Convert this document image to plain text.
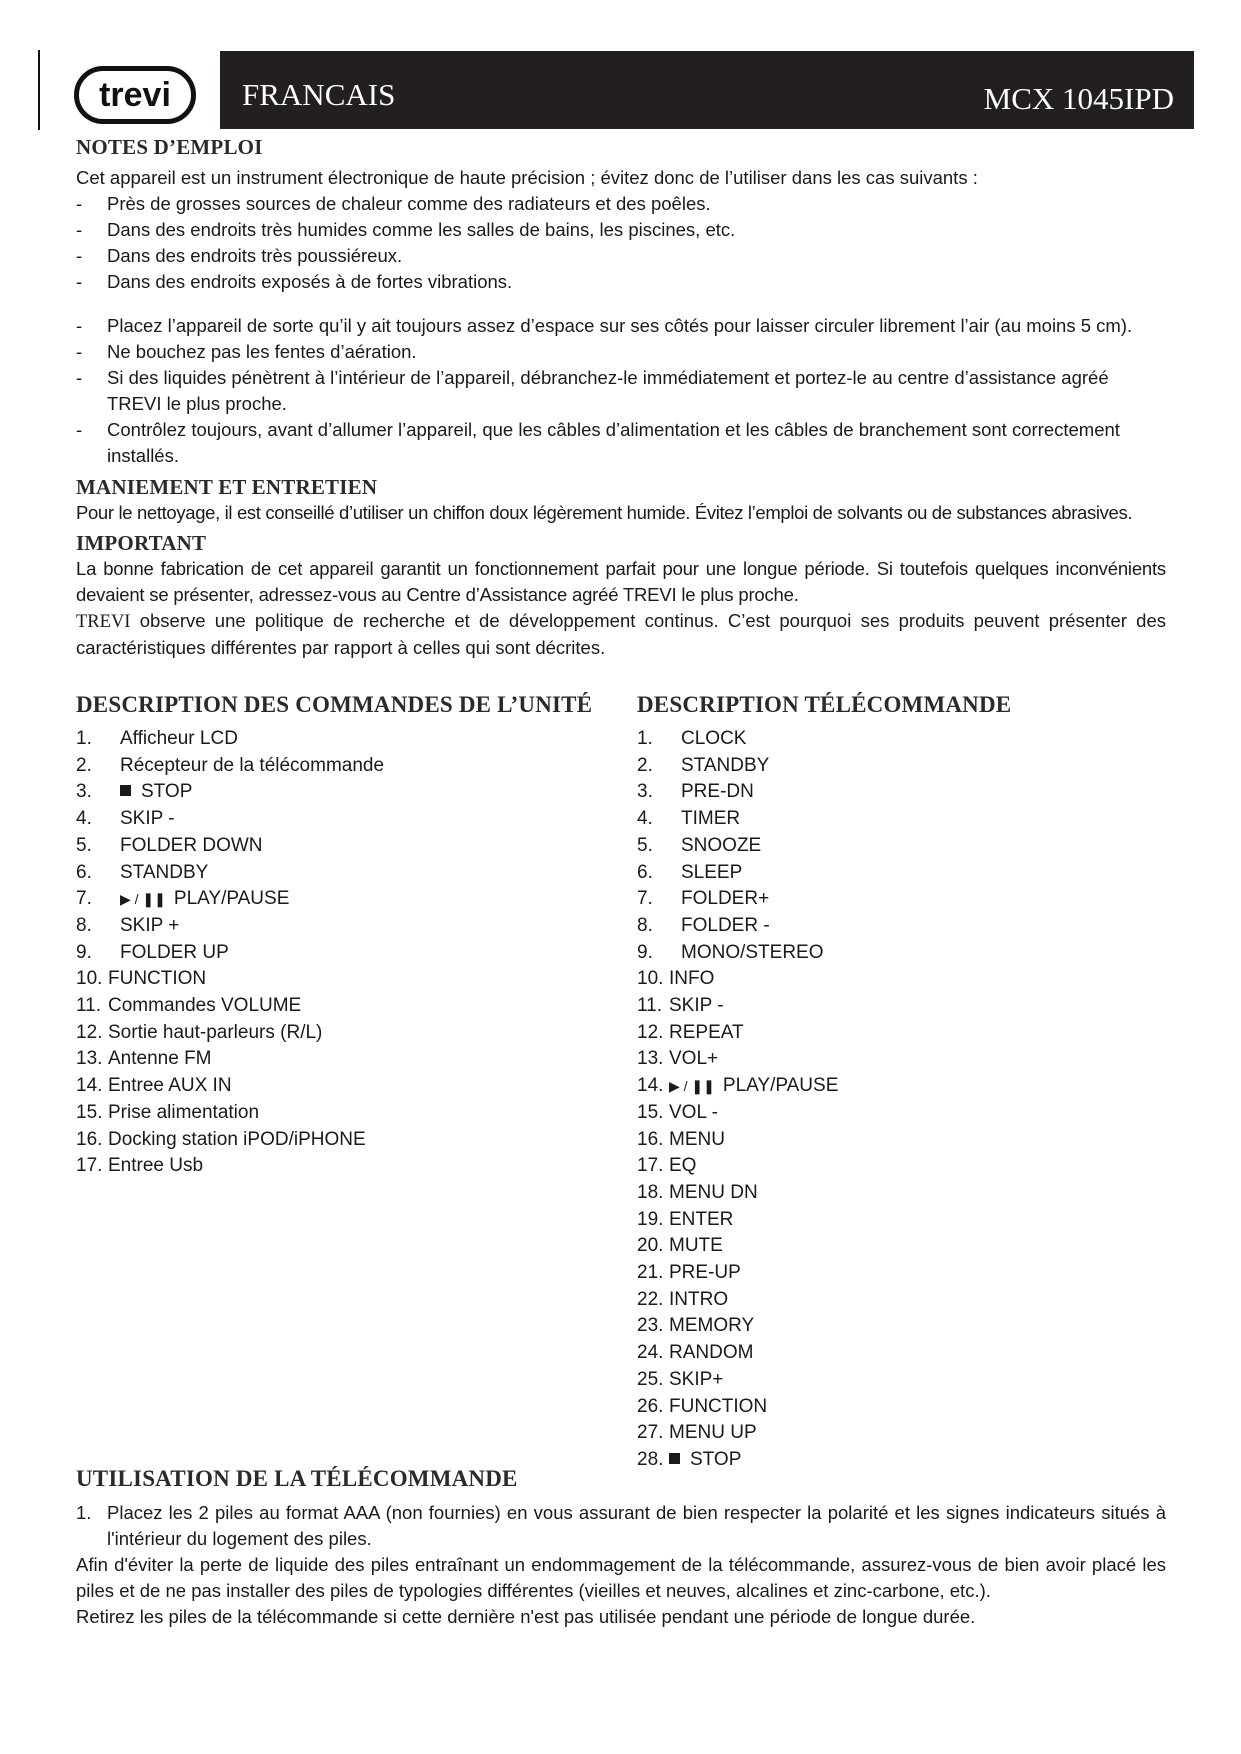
trevi FRANCAIS	MCX 1045IPD
NOTES D’EMPLOI

Cet appareil est un instrument électronique de haute précision ; évitez donc de l’utiliser dans les cas suivants :

-	Près de grosses sources de chaleur comme des radiateurs et des poêles.
-	Dans des endroits très humides comme les salles de bains, les piscines, etc.
-	Dans des endroits très poussiéreux.
-	Dans des endroits exposés à de fortes vibrations.
-	Placez l’appareil de sorte qu’il y ait toujours assez d’espace sur ses côtés pour laisser circuler librement l’air (au moins 5 cm).
-	Ne bouchez pas les fentes d’aération.
-	Si des liquides pénètrent à l’intérieur de l’appareil, débranchez-le immédiatement et portez-le au centre d’assistance agréé TREVI le plus proche.
-	Contrôlez toujours, avant d’allumer l’appareil, que les câbles d’alimentation et les câbles de branchement sont correctement installés.
MANIEMENT ET ENTRETIEN

Pour le nettoyage, il est conseillé d’utiliser un chiffon doux légèrement humide. Évitez l’emploi de solvants ou de substances abrasives.

IMPORTANT

La bonne fabrication de cet appareil garantit un fonctionnement parfait pour une longue période. Si toutefois quelques inconvénients devaient se présenter, adressez-vous au Centre d’Assistance agréé TREVI le plus proche.

TREVI observe une politique de recherche et de développement continus. C’est pourquoi ses produits peuvent présenter des caractéristiques différentes par rapport à celles qui sont décrites.

DESCRIPTION DES COMMANDES DE L’UNITÉ
1.	Afficheur LCD
2.	Récepteur de la télécommande
3.	STOP
4.	SKIP -
5.	FOLDER DOWN
6.	STANDBY
7.	▶ / ❚❚ PLAY/PAUSE
8.	SKIP +
9.	FOLDER UP
10. FUNCTION
11. Commandes VOLUME
12. Sortie haut-parleurs (R/L)
13. Antenne FM
14. Entree AUX IN
15. Prise alimentation
16. Docking station iPOD/iPHONE
17. Entree Usb
DESCRIPTION TÉLÉCOMMANDE
1.	CLOCK
2.	STANDBY
3.	PRE-DN
4.	TIMER
5.	SNOOZE
6.	SLEEP
7.	FOLDER+
8.	FOLDER -
9.	MONO/STEREO
10. INFO
11. SKIP -
12. REPEAT
13. VOL+
14. ▶ / ❚❚ PLAY/PAUSE
15. VOL -
16. MENU
17. EQ
18. MENU DN
19. ENTER
20. MUTE
21. PRE-UP
22. INTRO
23. MEMORY
24. RANDOM
25. SKIP+
26. FUNCTION
27. MENU UP
28.	STOP
UTILISATION DE LA TÉLÉCOMMANDE
1. Placez les 2 piles au format AAA (non fournies) en vous assurant de bien respecter la polarité et les signes indicateurs situés à l'intérieur du logement des piles.

Afin d'éviter la perte de liquide des piles entraînant un endommagement de la télécommande, assurez-vous de bien avoir placé les piles et de ne pas installer des piles de typologies différentes (vieilles et neuves, alcalines et zinc-carbone, etc.).

Retirez les piles de la télécommande si cette dernière n'est pas utilisée pendant une période de longue durée.
